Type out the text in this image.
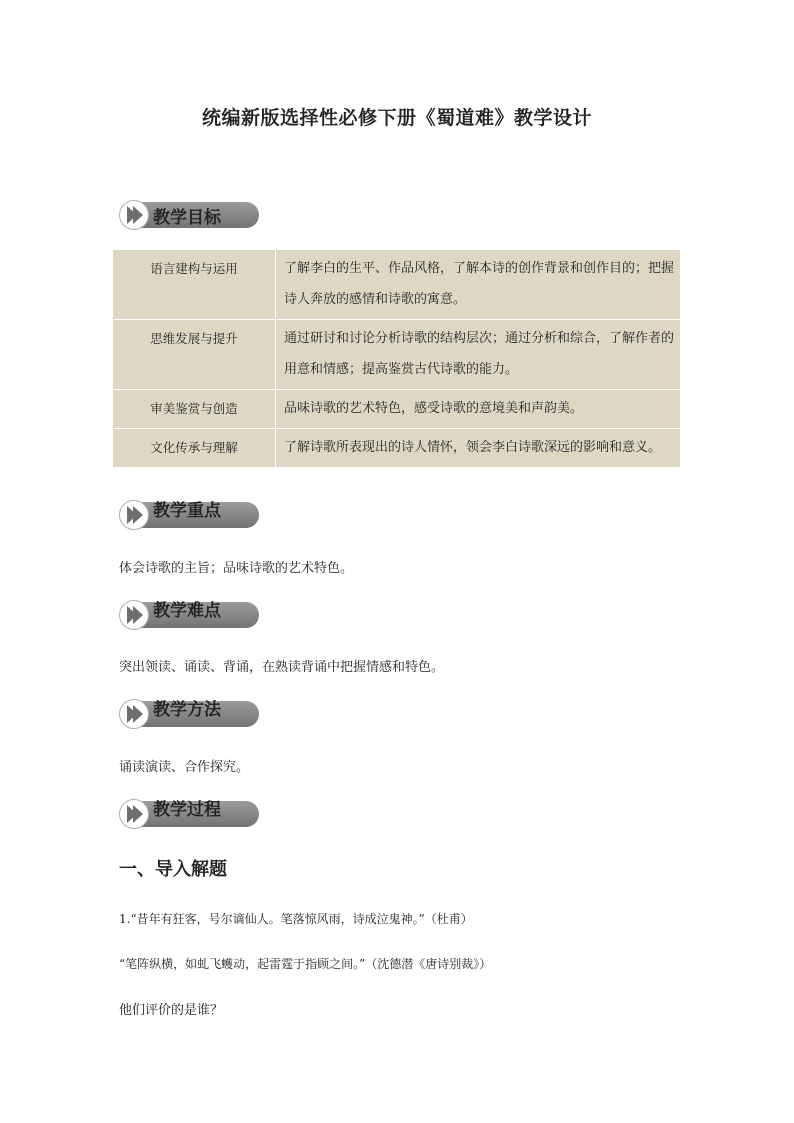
统编新版选择性必修下册《蜀道难》教学设计
教学目标
语言建构与运用	了解李白的生平、作品风格，了解本诗的创作背景和创作目的；把握诗人奔放的感情和诗歌的寓意。
思维发展与提升	通过研讨和讨论分析诗歌的结构层次；通过分析和综合，了解作者的用意和情感；提高鉴赏古代诗歌的能力。
审美鉴赏与创造	品味诗歌的艺术特色，感受诗歌的意境美和声韵美。
文化传承与理解	了解诗歌所表现出的诗人情怀，领会李白诗歌深远的影响和意义。
教学重点
体会诗歌的主旨；品味诗歌的艺术特色。
教学难点
突出领读、诵读、背诵，在熟读背诵中把握情感和特色。
教学方法
诵读演读、合作探究。
教学过程
一、导入解题
1.“昔年有狂客，号尔谪仙人。笔落惊风雨，诗成泣鬼神。”（杜甫）
“笔阵纵横，如虬飞蠖动，起雷霆于指顾之间。”（沈德潜《唐诗别裁》）
他们评价的是谁？
